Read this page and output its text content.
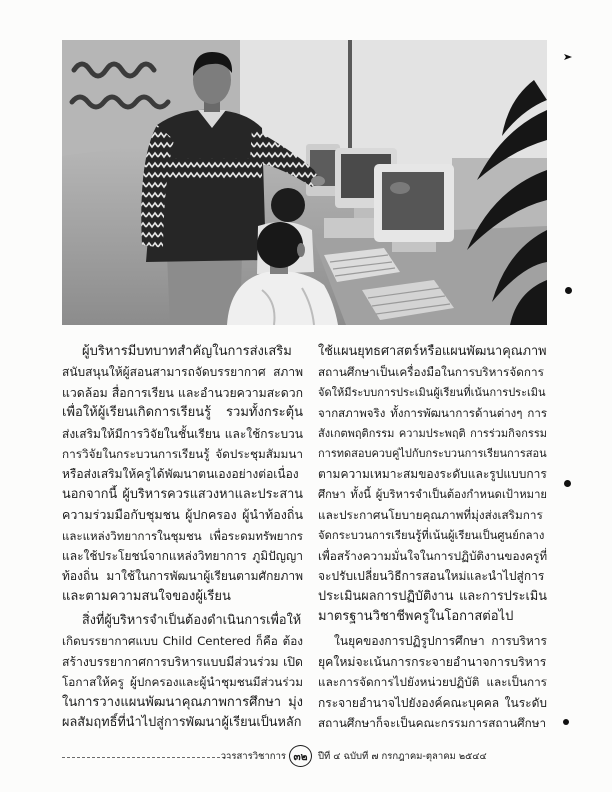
ผู้บริหารมีบทบาทสำคัญในการส่งเสริม
สนับสนุนให้ผู้สอนสามารถจัดบรรยากาศ สภาพ
แวดล้อม สื่อการเรียน และอำนวยความสะดวก
เพื่อให้ผู้เรียนเกิดการเรียนรู้ รวมทั้งกระตุ้น
ส่งเสริมให้มีการวิจัยในชั้นเรียน และใช้กระบวน
การวิจัยในกระบวนการเรียนรู้ จัดประชุมสัมมนา
หรือส่งเสริมให้ครูได้พัฒนาตนเองอย่างต่อเนื่อง
นอกจากนี้ ผู้บริหารควรแสวงหาและประสาน
ความร่วมมือกับชุมชน ผู้ปกครอง ผู้นำท้องถิ่น
และแหล่งวิทยาการในชุมชน เพื่อระดมทรัพยากร
และใช้ประโยชน์จากแหล่งวิทยาการ ภูมิปัญญา
ท้องถิ่น มาใช้ในการพัฒนาผู้เรียนตามศักยภาพ
และตามความสนใจของผู้เรียน
สิ่งที่ผู้บริหารจำเป็นต้องดำเนินการเพื่อให้
เกิดบรรยากาศแบบ Child Centered ก็คือ ต้อง
สร้างบรรยากาศการบริหารแบบมีส่วนร่วม เปิด
โอกาสให้ครู ผู้ปกครองและผู้นำชุมชนมีส่วนร่วม
ในการวางแผนพัฒนาคุณภาพการศึกษา มุ่ง
ผลสัมฤทธิ์ที่นำไปสู่การพัฒนาผู้เรียนเป็นหลัก
ใช้แผนยุทธศาสตร์หรือแผนพัฒนาคุณภาพ
สถานศึกษาเป็นเครื่องมือในการบริหารจัดการ
จัดให้มีระบบการประเมินผู้เรียนที่เน้นการประเมิน
จากสภาพจริง ทั้งการพัฒนาการด้านต่างๆ การ
สังเกตพฤติกรรม ความประพฤติ การร่วมกิจกรรม
การทดสอบควบคู่ไปกับกระบวนการเรียนการสอน
ตามความเหมาะสมของระดับและรูปแบบการ
ศึกษา ทั้งนี้ ผู้บริหารจำเป็นต้องกำหนดเป้าหมาย
และประกาศนโยบายคุณภาพที่มุ่งส่งเสริมการ
จัดกระบวนการเรียนรู้ที่เน้นผู้เรียนเป็นศูนย์กลาง
เพื่อสร้างความมั่นใจในการปฏิบัติงานของครูที่
จะปรับเปลี่ยนวิธีการสอนใหม่และนำไปสู่การ
ประเมินผลการปฏิบัติงาน และการประเมิน
มาตรฐานวิชาชีพครูในโอกาสต่อไป
ในยุคของการปฏิรูปการศึกษา การบริหาร
ยุคใหม่จะเน้นการกระจายอำนาจการบริหาร
และการจัดการไปยังหน่วยปฏิบัติ และเป็นการ
กระจายอำนาจไปยังองค์คณะบุคคล ในระดับ
สถานศึกษาก็จะเป็นคณะกรรมการสถานศึกษา
วารสารวิชาการ ๓๒	ปีที่ ๔ ฉบับที่ ๗ กรกฎาคม-ตุลาคม ๒๕๔๔
